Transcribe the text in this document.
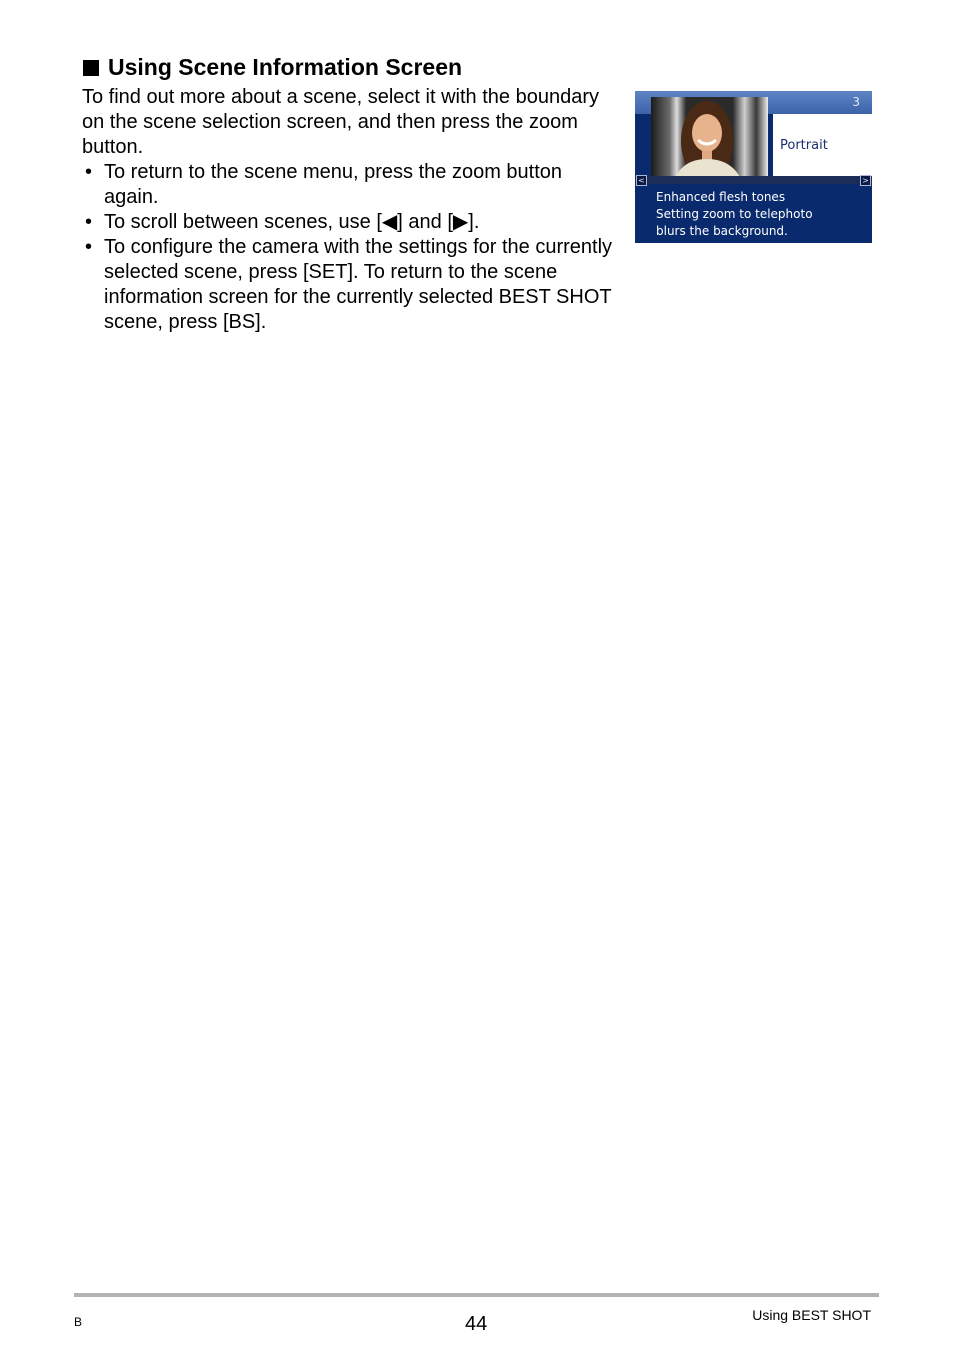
Using Scene Information Screen

To find out more about a scene, select it with the boundary on the scene selection screen, and then press the zoom button.

• To return to the scene menu, press the zoom button again.
• To scroll between scenes, use [◀] and [▶].
• To configure the camera with the settings for the currently selected scene, press [SET]. To return to the scene information screen for the currently selected BEST SHOT scene, press [BS].
3
Portrait
<	>
Enhanced flesh tones
Setting zoom to telephoto
blurs the background.
B	44	Using BEST SHOT
